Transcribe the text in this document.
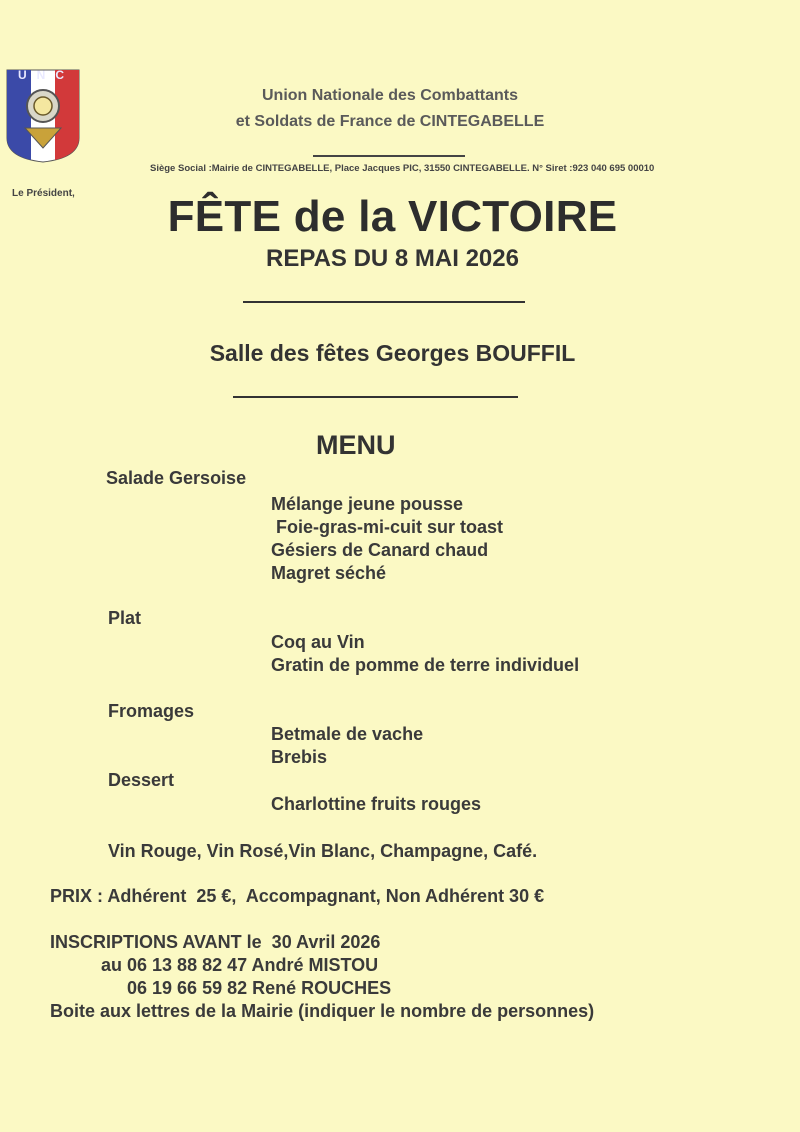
UNC
Le Président,
Union Nationale des Combattants
et Soldats de France de CINTEGABELLE
Siège Social :Mairie de CINTEGABELLE, Place Jacques PIC, 31550 CINTEGABELLE. N° Siret :923 040 695 00010
FÊTE de la VICTOIRE
REPAS DU 8 MAI 2026
Salle des fêtes Georges BOUFFIL
MENU
Salade Gersoise
Mélange jeune pousse
Foie-gras-mi-cuit sur toast
Gésiers de Canard chaud
Magret séché
Plat
Coq au Vin
Gratin de pomme de terre individuel
Fromages
Betmale de vache
Brebis
Dessert
Charlottine fruits rouges
Vin Rouge, Vin Rosé,Vin Blanc, Champagne, Café.
PRIX : Adhérent  25 €,  Accompagnant, Non Adhérent 30 €
INSCRIPTIONS AVANT le  30 Avril 2026
au 06 13 88 82 47 André MISTOU
06 19 66 59 82 René ROUCHES
Boite aux lettres de la Mairie (indiquer le nombre de personnes)
